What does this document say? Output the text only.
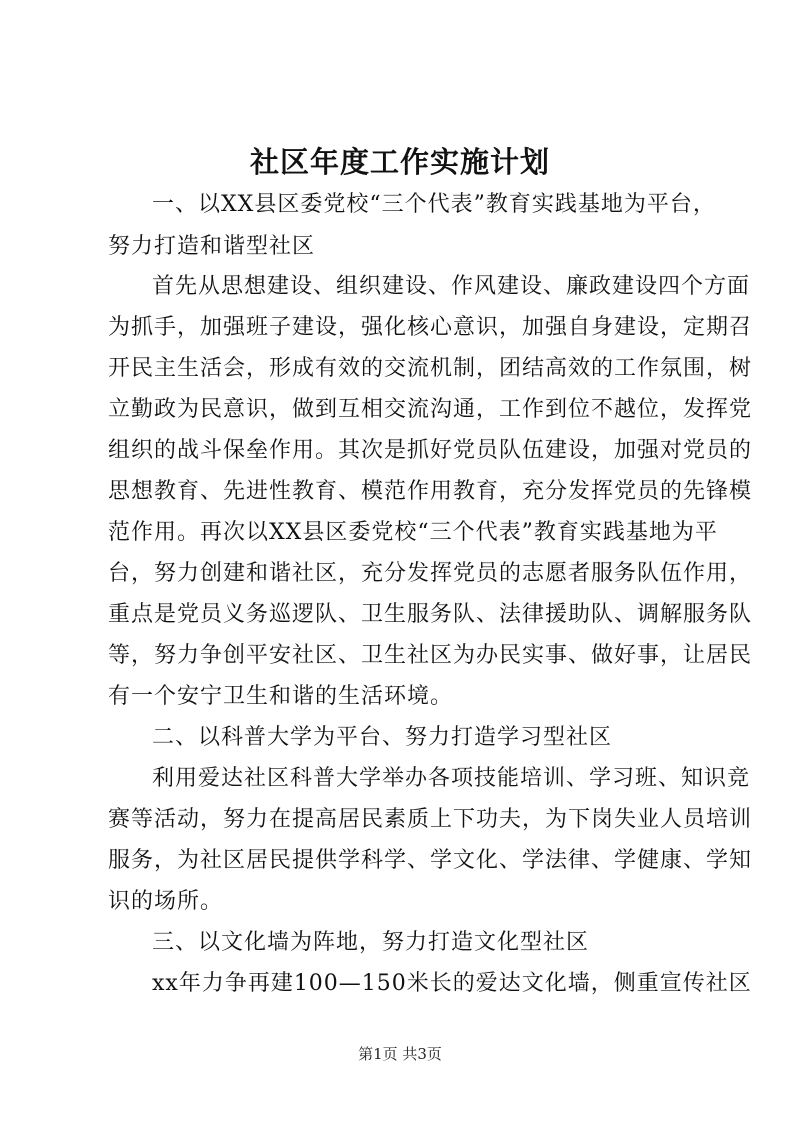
社区年度工作实施计划
一、以XX县区委党校“三个代表”教育实践基地为平台，
努力打造和谐型社区
首先从思想建设、组织建设、作风建设、廉政建设四个方面
为抓手，加强班子建设，强化核心意识，加强自身建设，定期召
开民主生活会，形成有效的交流机制，团结高效的工作氛围，树
立勤政为民意识，做到互相交流沟通，工作到位不越位，发挥党
组织的战斗保垒作用。其次是抓好党员队伍建设，加强对党员的
思想教育、先进性教育、模范作用教育，充分发挥党员的先锋模
范作用。再次以XX县区委党校“三个代表”教育实践基地为平
台，努力创建和谐社区，充分发挥党员的志愿者服务队伍作用，
重点是党员义务巡逻队、卫生服务队、法律援助队、调解服务队
等，努力争创平安社区、卫生社区为办民实事、做好事，让居民
有一个安宁卫生和谐的生活环境。
二、以科普大学为平台、努力打造学习型社区
利用爱达社区科普大学举办各项技能培训、学习班、知识竞
赛等活动，努力在提高居民素质上下功夫，为下岗失业人员培训
服务，为社区居民提供学科学、学文化、学法律、学健康、学知
识的场所。
三、以文化墙为阵地，努力打造文化型社区
xx年力争再建100—150米长的爱达文化墙，侧重宣传社区
第1页 共3页
